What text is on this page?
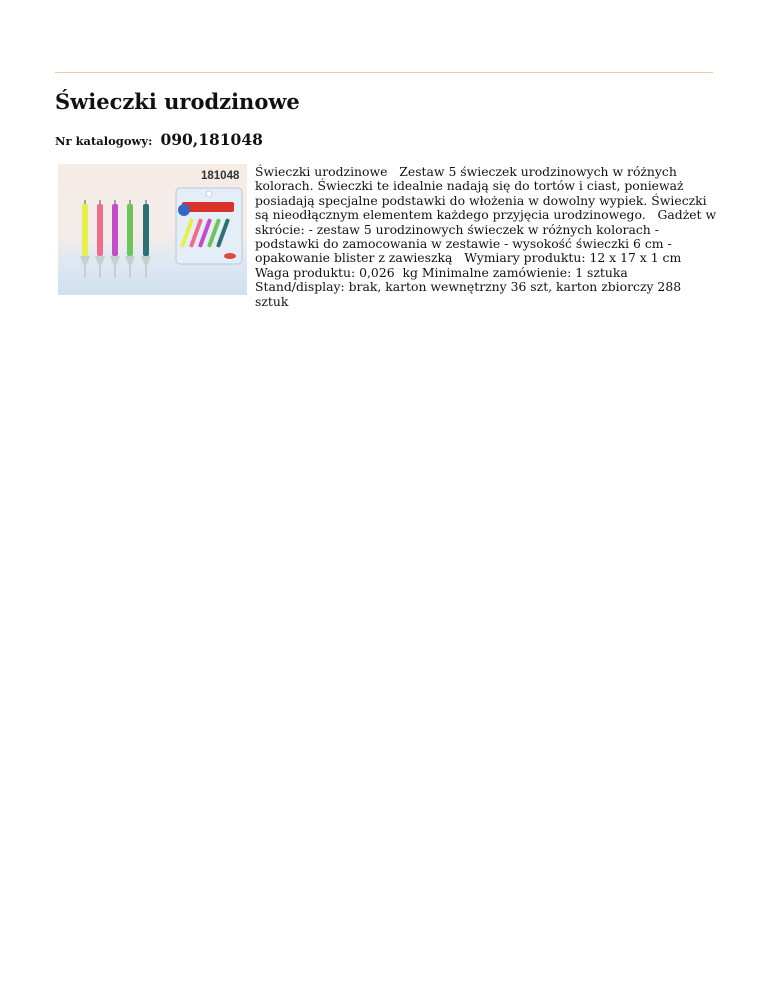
Świeczki urodzinowe
Nr katalogowy: 090,181048
181048 Świeczki urodzinowe   Zestaw 5 świeczek urodzinowych w różnych kolorach. Świeczki te idealnie nadają się do tortów i ciast, ponieważ posiadają specjalne podstawki do włożenia w dowolny wypiek. Świeczki są nieodłącznym elementem każdego przyjęcia urodzinowego.   Gadżet w skrócie: - zestaw 5 urodzinowych świeczek w różnych kolorach - podstawki do zamocowania w zestawie - wysokość świeczki 6 cm - opakowanie blister z zawieszką   Wymiary produktu: 12 x 17 x 1 cm Waga produktu: 0,026  kg Minimalne zamówienie: 1 sztuka Stand/display: brak, karton wewnętrzny 36 szt, karton zbiorczy 288 sztuk
